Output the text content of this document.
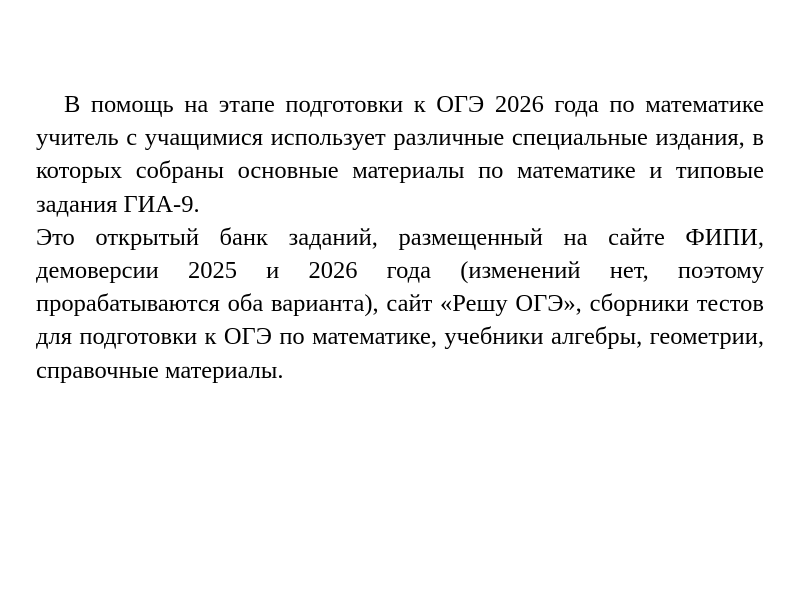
В помощь на этапе подготовки к ОГЭ 2026 года по математике учитель с учащимися использует различные специальные издания, в которых собраны основные материалы по математике и типовые задания ГИА-9.

Это открытый банк заданий, размещенный на сайте ФИПИ, демоверсии 2025 и 2026 года (изменений нет, поэтому прорабатываются оба варианта), сайт «Решу ОГЭ», сборники тестов для подготовки к ОГЭ по математике, учебники алгебры, геометрии, справочные материалы.
